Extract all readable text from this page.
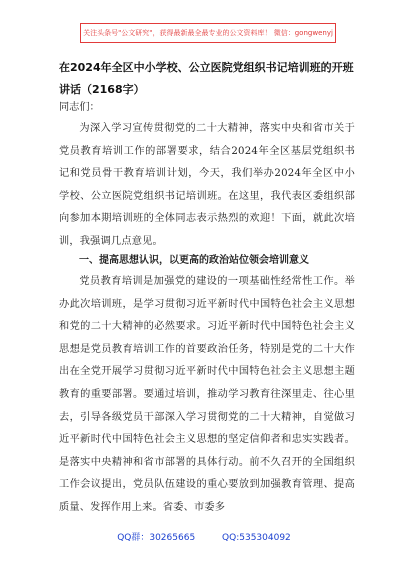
关注头条号"公文研究"，获得最新最全最专业的公文资料库！ 微信：gongwenyj
在2024年全区中小学校、公立医院党组织书记培训班的开班讲话（2168字）
同志们：
为深入学习宣传贯彻党的二十大精神，落实中央和省市关于党员教育培训工作的部署要求，结合2024年全区基层党组织书记和党员骨干教育培训计划，今天，我们举办2024年全区中小学校、公立医院党组织书记培训班。在这里，我代表区委组织部向参加本期培训班的全体同志表示热烈的欢迎！下面，就此次培训，我强调几点意见。
一、提高思想认识，以更高的政治站位领会培训意义
党员教育培训是加强党的建设的一项基础性经常性工作。举办此次培训班，是学习贯彻习近平新时代中国特色社会主义思想和党的二十大精神的必然要求。习近平新时代中国特色社会主义思想是党员教育培训工作的首要政治任务，特别是党的二十大作出在全党开展学习贯彻习近平新时代中国特色社会主义思想主题教育的重要部署。要通过培训，推动学习教育往深里走、往心里去，引导各级党员干部深入学习贯彻党的二十大精神，自觉做习近平新时代中国特色社会主义思想的坚定信仰者和忠实实践者。是落实中央精神和省市部署的具体行动。前不久召开的全国组织工作会议提出，党员队伍建设的重心要放到加强教育管理、提高质量、发挥作用上来。省委、市委多
QQ群：30265665	QQ:535304092
